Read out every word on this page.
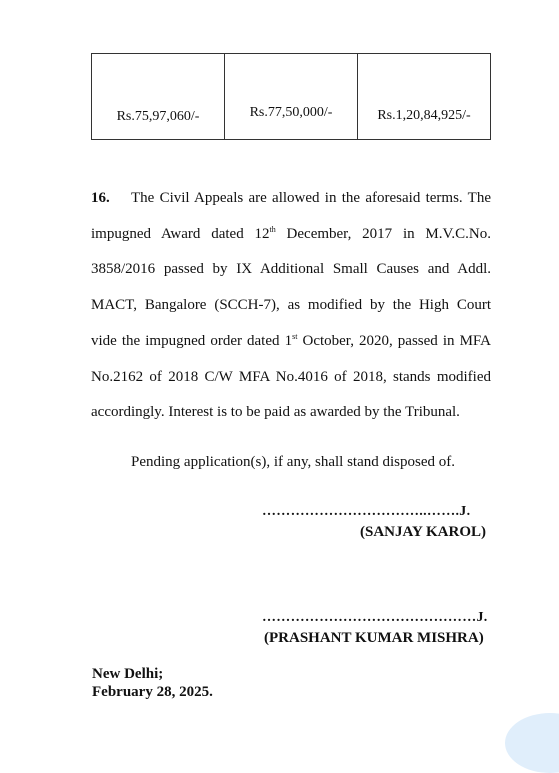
Rs.75,97,060/-	Rs.77,50,000/-	Rs.1,20,84,925/-
16. The Civil Appeals are allowed in the aforesaid terms. The
impugned Award dated 12th December, 2017 in M.V.C.No.
3858/2016 passed by IX Additional Small Causes and Addl.
MACT, Bangalore (SCCH-7), as modified by the High Court
vide the impugned order dated 1st October, 2020, passed in MFA
No.2162 of 2018 C/W MFA No.4016 of 2018, stands modified
accordingly. Interest is to be paid as awarded by the Tribunal.
Pending application(s), if any, shall stand disposed of.
……………………………..…….J.
(SANJAY KAROL)
………………………………………J.
(PRASHANT KUMAR MISHRA)
New Delhi;
February 28, 2025.
